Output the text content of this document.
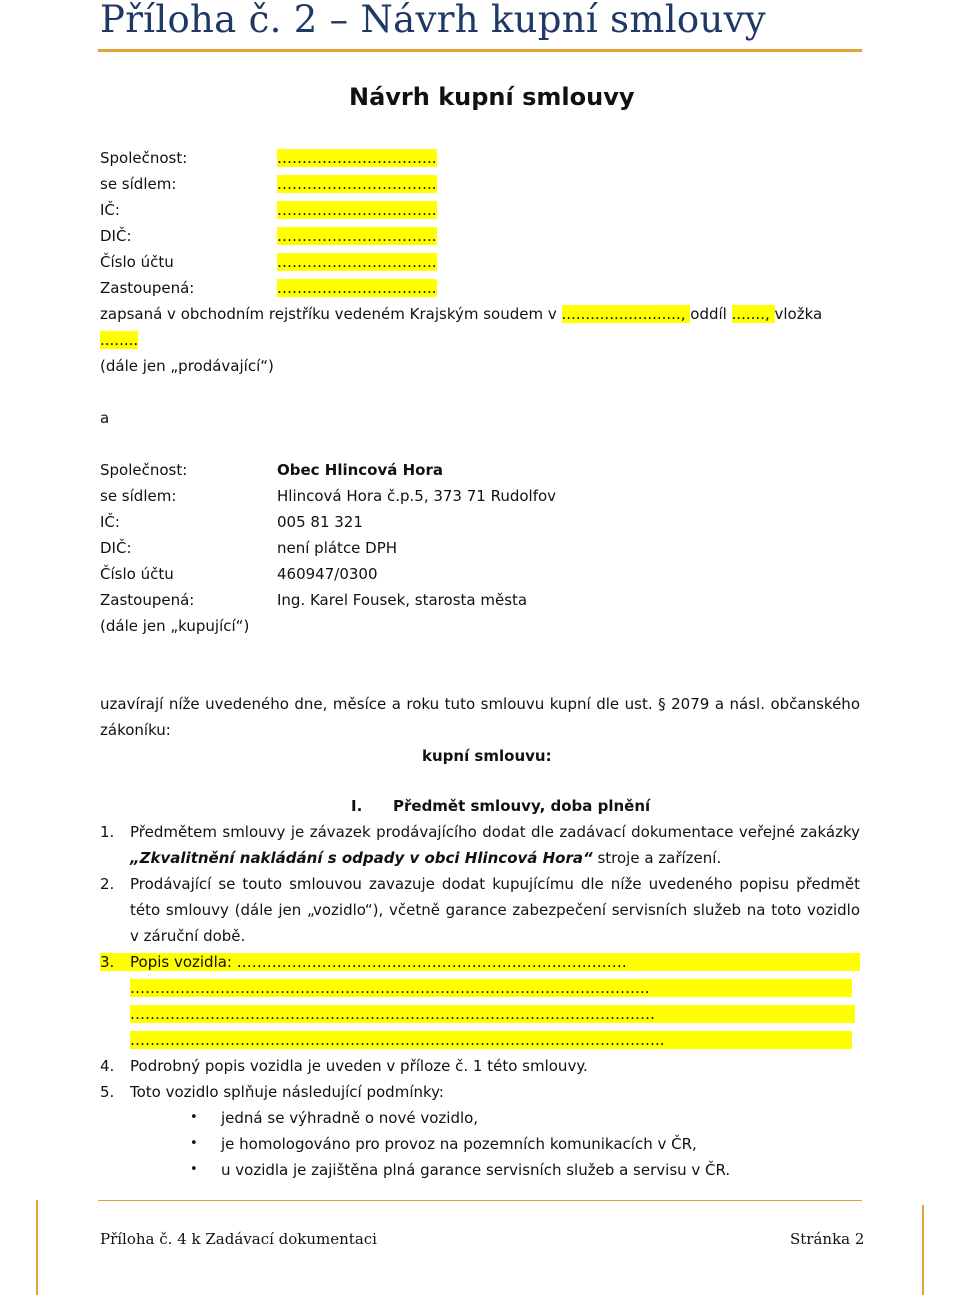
Příloha č. 2 – Návrh kupní smlouvy
Návrh kupní smlouvy
Společnost:	…………………………..
se sídlem:	…………………………..
IČ:	…………………………..
DIČ:	…………………………..
Číslo účtu	…………………………..
Zastoupená:	…………………………..
zapsaná v obchodním rejstříku vedeném Krajským soudem v ........................., oddíl ......., vložka
........
(dále jen „prodávající“)
a
Společnost:	Obec Hlincová Hora
se sídlem:	Hlincová Hora č.p.5, 373 71 Rudolfov
IČ:	005 81 321
DIČ:	není plátce DPH
Číslo účtu	460947/0300
Zastoupená:	Ing. Karel Fousek, starosta města
(dále jen „kupující“)
uzavírají níže uvedeného dne, měsíce a roku tuto smlouvu kupní dle ust. § 2079 a násl. občanského
zákoníku:
kupní smlouvu:
I. Předmět smlouvy, doba plnění
1. Předmětem smlouvy je závazek prodávajícího dodat dle zadávací dokumentace veřejné zakázky
„Zkvalitnění nakládání s odpady v obci Hlincová Hora“ stroje a zařízení.
2. Prodávající se touto smlouvou zavazuje dodat kupujícímu dle níže uvedeného popisu předmět
této smlouvy (dále jen „vozidlo“), včetně garance zabezpečení servisních služeb na toto vozidlo
v záruční době.
3.	Popis vozidla: ……………………………………………………………………
…………………………………………………………………………………………..
……………………………………………………………………………………………
……………………………………………………………………………………………..
4. Podrobný popis vozidla je uveden v příloze č. 1 této smlouvy.
5. Toto vozidlo splňuje následující podmínky:
• jedná se výhradně o nové vozidlo,
• je homologováno pro provoz na pozemních komunikacích v ČR,
• u vozidla je zajištěna plná garance servisních služeb a servisu v ČR.
Příloha č. 4 k Zadávací dokumentaci	Stránka 2
